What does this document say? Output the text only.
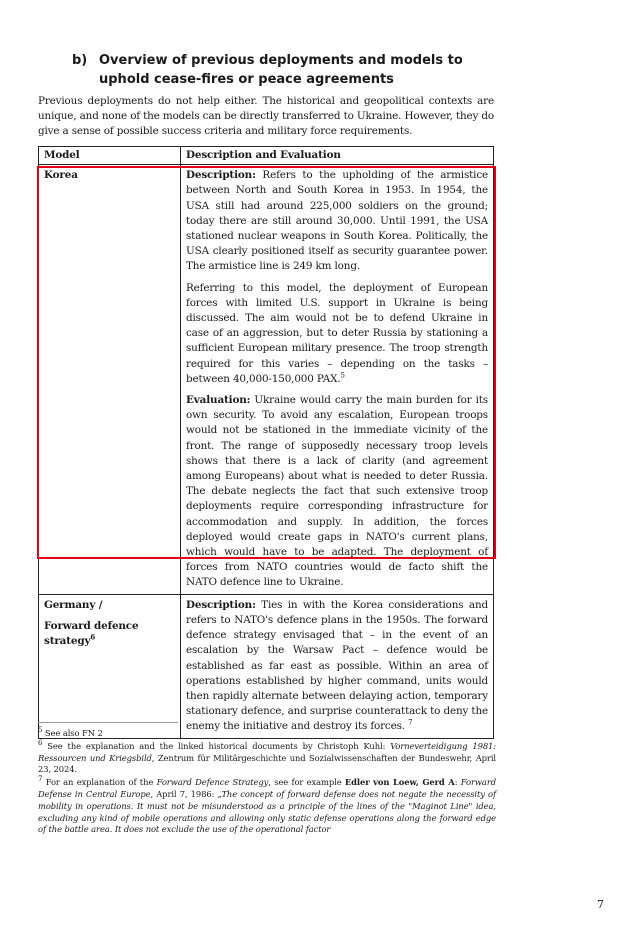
b) Overview of previous deployments and models to uphold cease-fires or peace agreements
Previous deployments do not help either. The historical and geopolitical contexts are unique, and none of the models can be directly transferred to Ukraine. However, they do give a sense of possible success criteria and military force requirements.
Model	Description and Evaluation
Korea	Description: Refers to the upholding of the armistice between North and South Korea in 1953. In 1954, the USA still had around 225,000 soldiers on the ground; today there are still around 30,000. Until 1991, the USA stationed nuclear weapons in South Korea. Politically, the USA clearly positioned itself as security guarantee power. The armistice line is 249 km long.

Referring to this model, the deployment of European forces with limited U.S. support in Ukraine is being discussed. The aim would not be to defend Ukraine in case of an aggression, but to deter Russia by stationing a sufficient European military presence. The troop strength required for this varies – depending on the tasks – between 40,000-150,000 PAX.$^5$

Evaluation: Ukraine would carry the main burden for its own security. To avoid any escalation, European troops would not be stationed in the immediate vicinity of the front. The range of supposedly necessary troop levels shows that there is a lack of clarity (and agreement among Europeans) about what is needed to deter Russia. The debate neglects the fact that such extensive troop deployments require corresponding infrastructure for accommodation and supply. In addition, the forces deployed would create gaps in NATO's current plans, which would have to be adapted. The deployment of forces from NATO countries would de facto shift the NATO defence line to Ukraine.

Germany /
Forward defence strategy$^6$	Description: Ties in with the Korea considerations and refers to NATO's defence plans in the 1950s. The forward defence strategy envisaged that – in the event of an escalation by the Warsaw Pact – defence would be established as far east as possible. Within an area of operations established by higher command, units would then rapidly alternate between delaying action, temporary stationary defence, and surprise counterattack to deny the enemy the initiative and destroy its forces. $^7$

$^5$ See also FN 2

$^6$ See the explanation and the linked historical documents by Christoph Kuhl: Vorneverteidigung 1981: Ressourcen und Kriegsbild, Zentrum für Militärgeschichte und Sozialwissenschaften der Bundeswehr, April 23, 2024.

$^7$ For an explanation of the Forward Defence Strategy, see for example Edler von Loew, Gerd A: Forward Defense in Central Europe, April 7, 1986: „The concept of forward defense does not negate the necessity of mobility in operations. It must not be misunderstood as a principle of the lines of the "Maginot Line" idea, excluding any kind of mobile operations and allowing only static defense operations along the forward edge of the battle area. It does not exclude the use of the operational factor

7
